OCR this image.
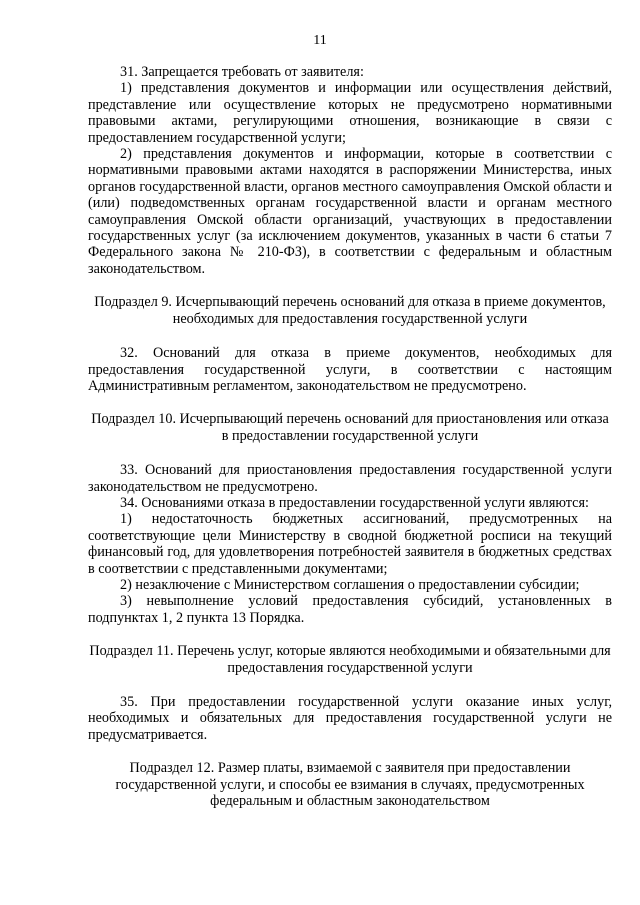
11

31. Запрещается требовать от заявителя:

1) представления документов и информации или осуществления действий, представление или осуществление которых не предусмотрено нормативными правовыми актами, регулирующими отношения, возникающие в связи с предоставлением государственной услуги;

2) представления документов и информации, которые в соответствии с нормативными правовыми актами находятся в распоряжении Министерства, иных органов государственной власти, органов местного самоуправления Омской области и (или) подведомственных органам государственной власти и органам местного самоуправления Омской области организаций, участвующих в предоставлении государственных услуг (за исключением документов, указанных в части 6 статьи 7 Федерального закона № 210-ФЗ), в соответствии с федеральным и областным законодательством.

Подраздел 9. Исчерпывающий перечень оснований для отказа в приеме документов, необходимых для предоставления государственной услуги

32. Оснований для отказа в приеме документов, необходимых для предоставления государственной услуги, в соответствии с настоящим Административным регламентом, законодательством не предусмотрено.

Подраздел 10. Исчерпывающий перечень оснований для приостановления или отказа в предоставлении государственной услуги

33. Оснований для приостановления предоставления государственной услуги законодательством не предусмотрено.

34. Основаниями отказа в предоставлении государственной услуги являются:

1) недостаточность бюджетных ассигнований, предусмотренных на соответствующие цели Министерству в сводной бюджетной росписи на текущий финансовый год, для удовлетворения потребностей заявителя в бюджетных средствах в соответствии с представленными документами;

2) незаключение с Министерством соглашения о предоставлении субсидии;

3) невыполнение условий предоставления субсидий, установленных в подпунктах 1, 2 пункта 13 Порядка.

Подраздел 11. Перечень услуг, которые являются необходимыми и обязательными для предоставления государственной услуги

35. При предоставлении государственной услуги оказание иных услуг, необходимых и обязательных для предоставления государственной услуги не предусматривается.

Подраздел 12. Размер платы, взимаемой с заявителя при предоставлении государственной услуги, и способы ее взимания в случаях, предусмотренных федеральным и областным законодательством
